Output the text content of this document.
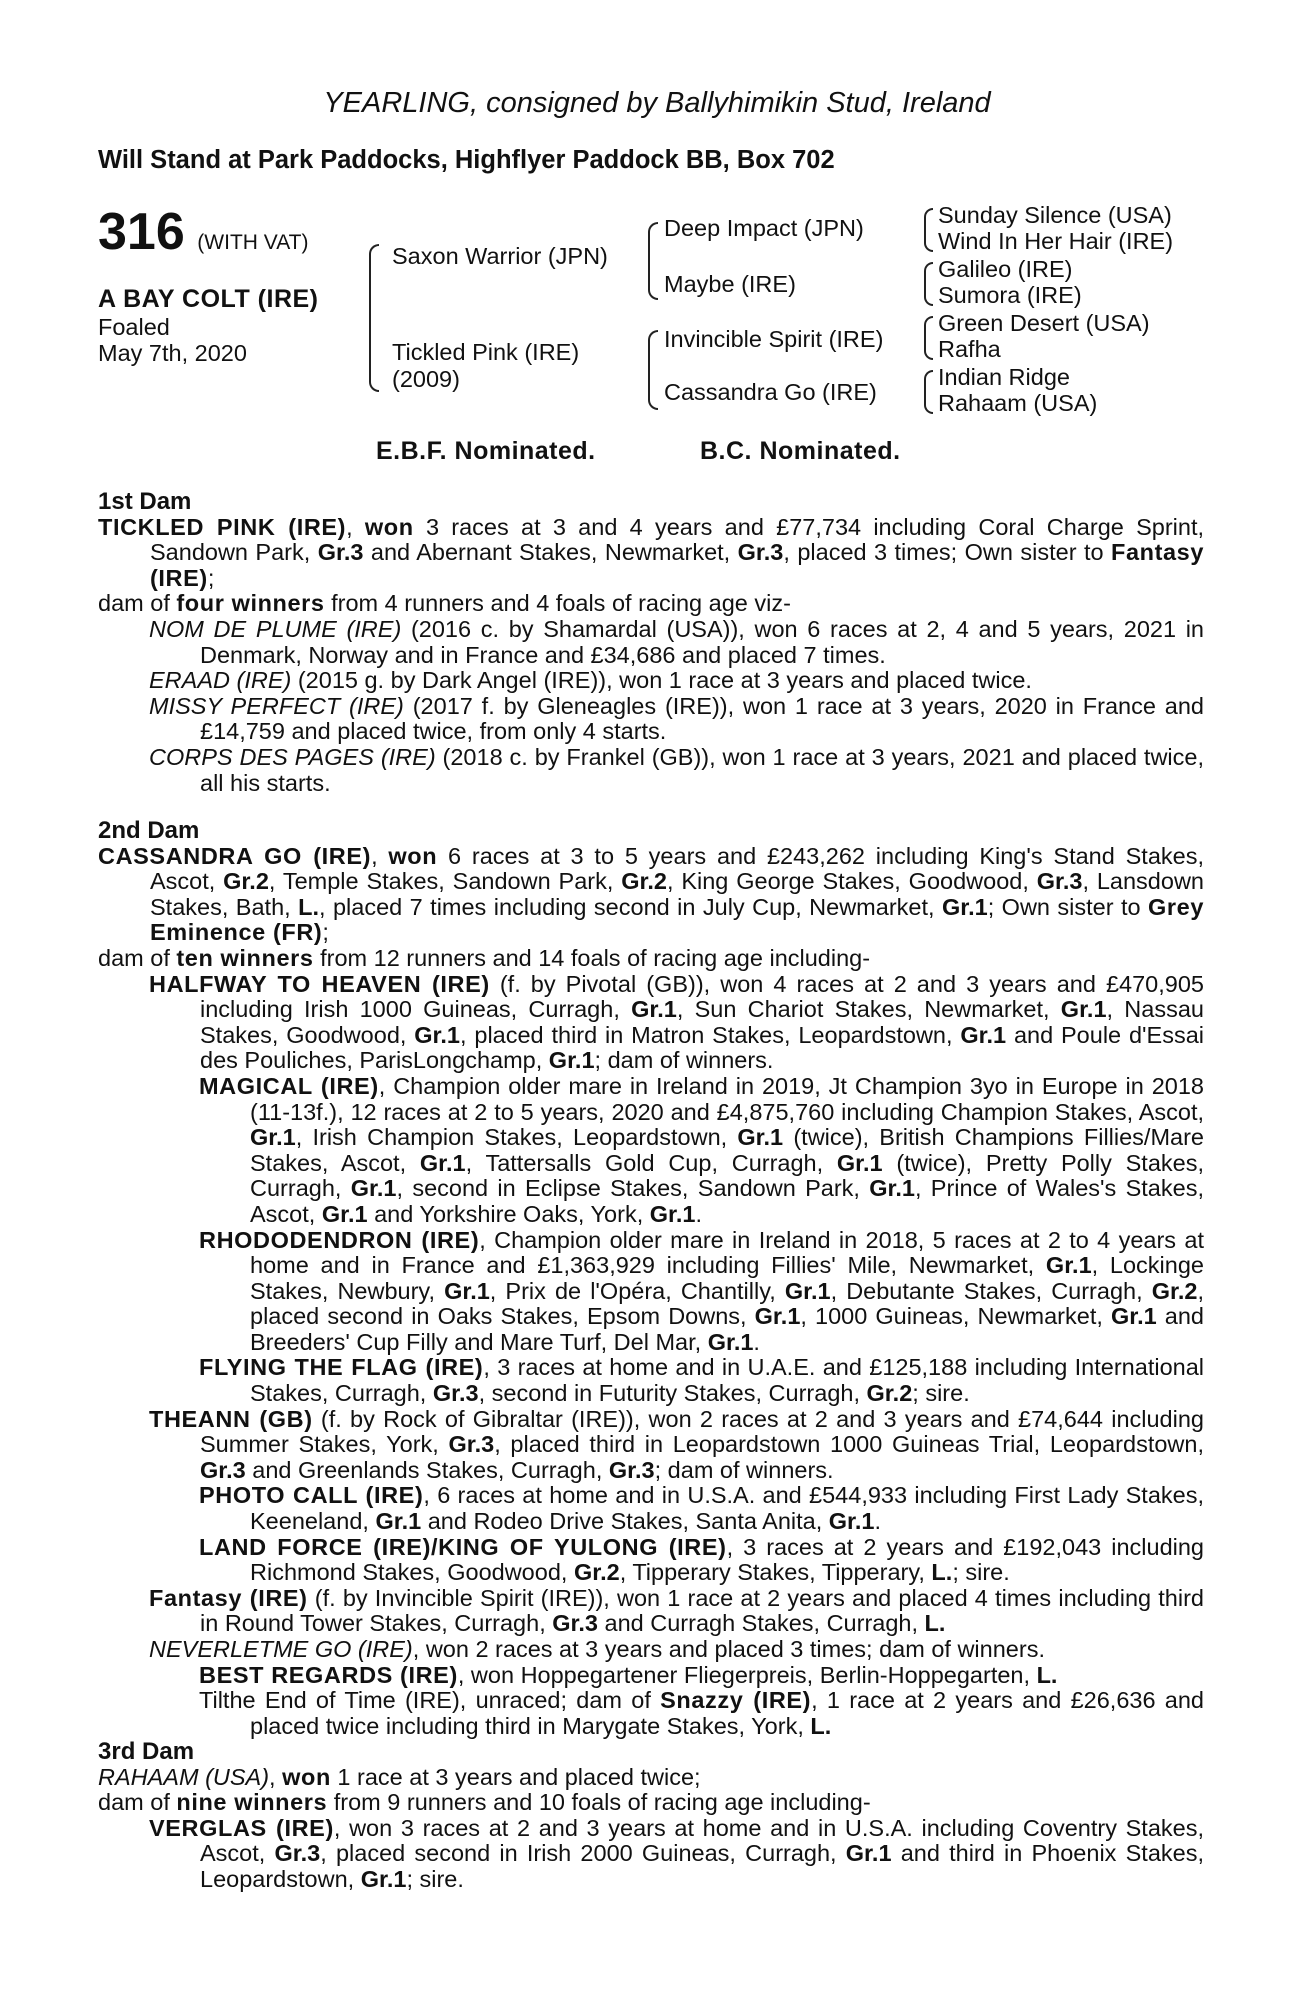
YEARLING, consigned by Ballyhimikin Stud, Ireland
Will Stand at Park Paddocks, Highflyer Paddock BB, Box 702
316 (WITH VAT)
A BAY COLT (IRE)
Foaled
May 7th, 2020
Saxon Warrior (JPN)
Tickled Pink (IRE)
(2009)
Deep Impact (JPN)
Maybe (IRE)
Invincible Spirit (IRE)
Cassandra Go (IRE)
Sunday Silence (USA)
Wind In Her Hair (IRE)
Galileo (IRE)
Sumora (IRE)
Green Desert (USA)
Rafha
Indian Ridge
Rahaam (USA)
E.B.F. Nominated.	B.C. Nominated.
1st Dam

TICKLED PINK (IRE), won 3 races at 3 and 4 years and £77,734 including Coral Charge Sprint, Sandown Park, Gr.3 and Abernant Stakes, Newmarket, Gr.3, placed 3 times; Own sister to Fantasy (IRE);

dam of four winners from 4 runners and 4 foals of racing age viz-

NOM DE PLUME (IRE) (2016 c. by Shamardal (USA)), won 6 races at 2, 4 and 5 years, 2021 in Denmark, Norway and in France and £34,686 and placed 7 times.

ERAAD (IRE) (2015 g. by Dark Angel (IRE)), won 1 race at 3 years and placed twice.

MISSY PERFECT (IRE) (2017 f. by Gleneagles (IRE)), won 1 race at 3 years, 2020 in France and £14,759 and placed twice, from only 4 starts.

CORPS DES PAGES (IRE) (2018 c. by Frankel (GB)), won 1 race at 3 years, 2021 and placed twice, all his starts.

2nd Dam

CASSANDRA GO (IRE), won 6 races at 3 to 5 years and £243,262 including King's Stand Stakes, Ascot, Gr.2, Temple Stakes, Sandown Park, Gr.2, King George Stakes, Goodwood, Gr.3, Lansdown Stakes, Bath, L., placed 7 times including second in July Cup, Newmarket, Gr.1; Own sister to Grey Eminence (FR);

dam of ten winners from 12 runners and 14 foals of racing age including-

HALFWAY TO HEAVEN (IRE) (f. by Pivotal (GB)), won 4 races at 2 and 3 years and £470,905 including Irish 1000 Guineas, Curragh, Gr.1, Sun Chariot Stakes, Newmarket, Gr.1, Nassau Stakes, Goodwood, Gr.1, placed third in Matron Stakes, Leopardstown, Gr.1 and Poule d'Essai des Pouliches, ParisLongchamp, Gr.1; dam of winners.

MAGICAL (IRE), Champion older mare in Ireland in 2019, Jt Champion 3yo in Europe in 2018 (11-13f.), 12 races at 2 to 5 years, 2020 and £4,875,760 including Champion Stakes, Ascot, Gr.1, Irish Champion Stakes, Leopardstown, Gr.1 (twice), British Champions Fillies/Mare Stakes, Ascot, Gr.1, Tattersalls Gold Cup, Curragh, Gr.1 (twice), Pretty Polly Stakes, Curragh, Gr.1, second in Eclipse Stakes, Sandown Park, Gr.1, Prince of Wales's Stakes, Ascot, Gr.1 and Yorkshire Oaks, York, Gr.1.

RHODODENDRON (IRE), Champion older mare in Ireland in 2018, 5 races at 2 to 4 years at home and in France and £1,363,929 including Fillies' Mile, Newmarket, Gr.1, Lockinge Stakes, Newbury, Gr.1, Prix de l'Opéra, Chantilly, Gr.1, Debutante Stakes, Curragh, Gr.2, placed second in Oaks Stakes, Epsom Downs, Gr.1, 1000 Guineas, Newmarket, Gr.1 and Breeders' Cup Filly and Mare Turf, Del Mar, Gr.1.

FLYING THE FLAG (IRE), 3 races at home and in U.A.E. and £125,188 including International Stakes, Curragh, Gr.3, second in Futurity Stakes, Curragh, Gr.2; sire.

THEANN (GB) (f. by Rock of Gibraltar (IRE)), won 2 races at 2 and 3 years and £74,644 including Summer Stakes, York, Gr.3, placed third in Leopardstown 1000 Guineas Trial, Leopardstown, Gr.3 and Greenlands Stakes, Curragh, Gr.3; dam of winners.

PHOTO CALL (IRE), 6 races at home and in U.S.A. and £544,933 including First Lady Stakes, Keeneland, Gr.1 and Rodeo Drive Stakes, Santa Anita, Gr.1.

LAND FORCE (IRE)/KING OF YULONG (IRE), 3 races at 2 years and £192,043 including Richmond Stakes, Goodwood, Gr.2, Tipperary Stakes, Tipperary, L.; sire.

Fantasy (IRE) (f. by Invincible Spirit (IRE)), won 1 race at 2 years and placed 4 times including third in Round Tower Stakes, Curragh, Gr.3 and Curragh Stakes, Curragh, L.

NEVERLETME GO (IRE), won 2 races at 3 years and placed 3 times; dam of winners.

BEST REGARDS (IRE), won Hoppegartener Fliegerpreis, Berlin-Hoppegarten, L.

Tilthe End of Time (IRE), unraced; dam of Snazzy (IRE), 1 race at 2 years and £26,636 and placed twice including third in Marygate Stakes, York, L.

3rd Dam

RAHAAM (USA), won 1 race at 3 years and placed twice;

dam of nine winners from 9 runners and 10 foals of racing age including-

VERGLAS (IRE), won 3 races at 2 and 3 years at home and in U.S.A. including Coventry Stakes, Ascot, Gr.3, placed second in Irish 2000 Guineas, Curragh, Gr.1 and third in Phoenix Stakes, Leopardstown, Gr.1; sire.
